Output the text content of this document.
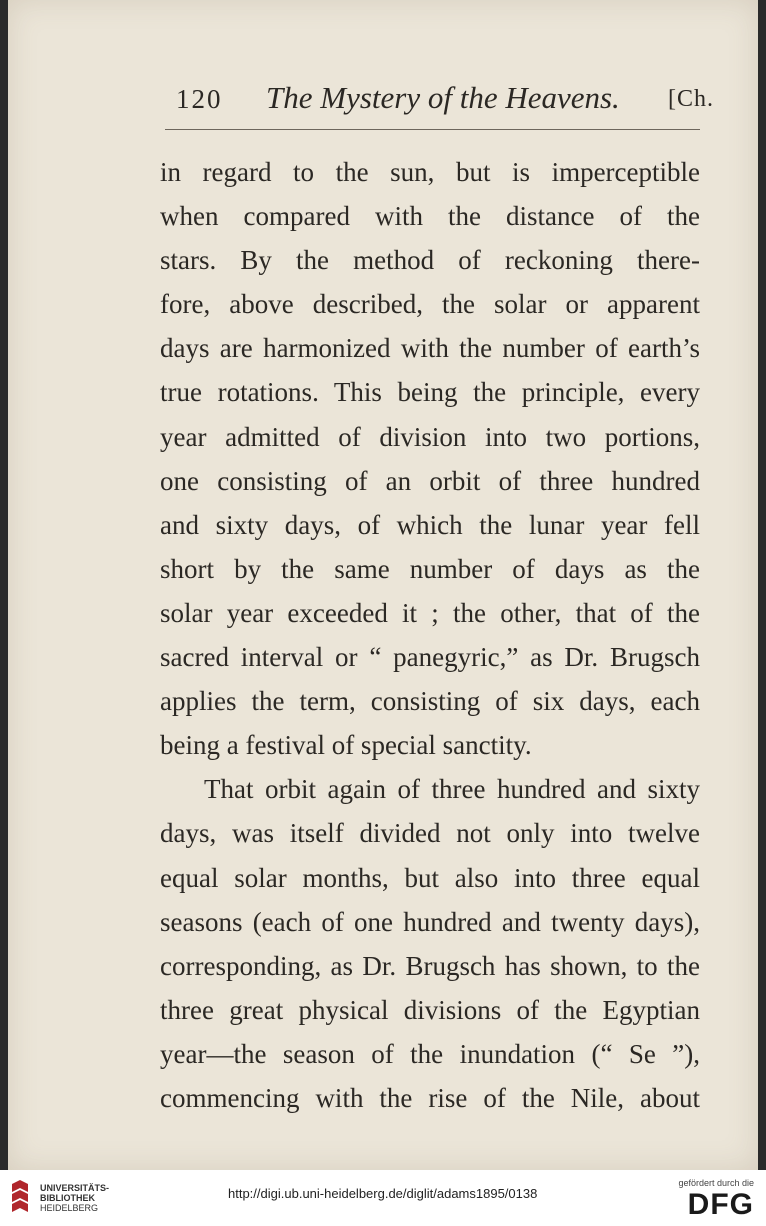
120 The Mystery of the Heavens. [Ch.
in regard to the sun, but is imperceptible
when compared with the distance of the
stars. By the method of reckoning there-
fore, above described, the solar or apparent
days are harmonized with the number of earth’s
true rotations. This being the principle, every
year admitted of division into two portions,
one consisting of an orbit of three hundred
and sixty days, of which the lunar year fell
short by the same number of days as the
solar year exceeded it ; the other, that of the
sacred interval or “ panegyric,” as Dr. Brugsch
applies the term, consisting of six days, each
being a festival of special sanctity.
That orbit again of three hundred and sixty
days, was itself divided not only into twelve
equal solar months, but also into three equal
seasons (each of one hundred and twenty days),
corresponding, as Dr. Brugsch has shown, to the
three great physical divisions of the Egyptian
year—the season of the inundation (“ Se ”),
commencing with the rise of the Nile, about
UNIVERSITÄTS-
BIBLIOTHEK
HEIDELBERG
http://digi.ub.uni-heidelberg.de/diglit/adams1895/0138
gefördert durch die
DFG
